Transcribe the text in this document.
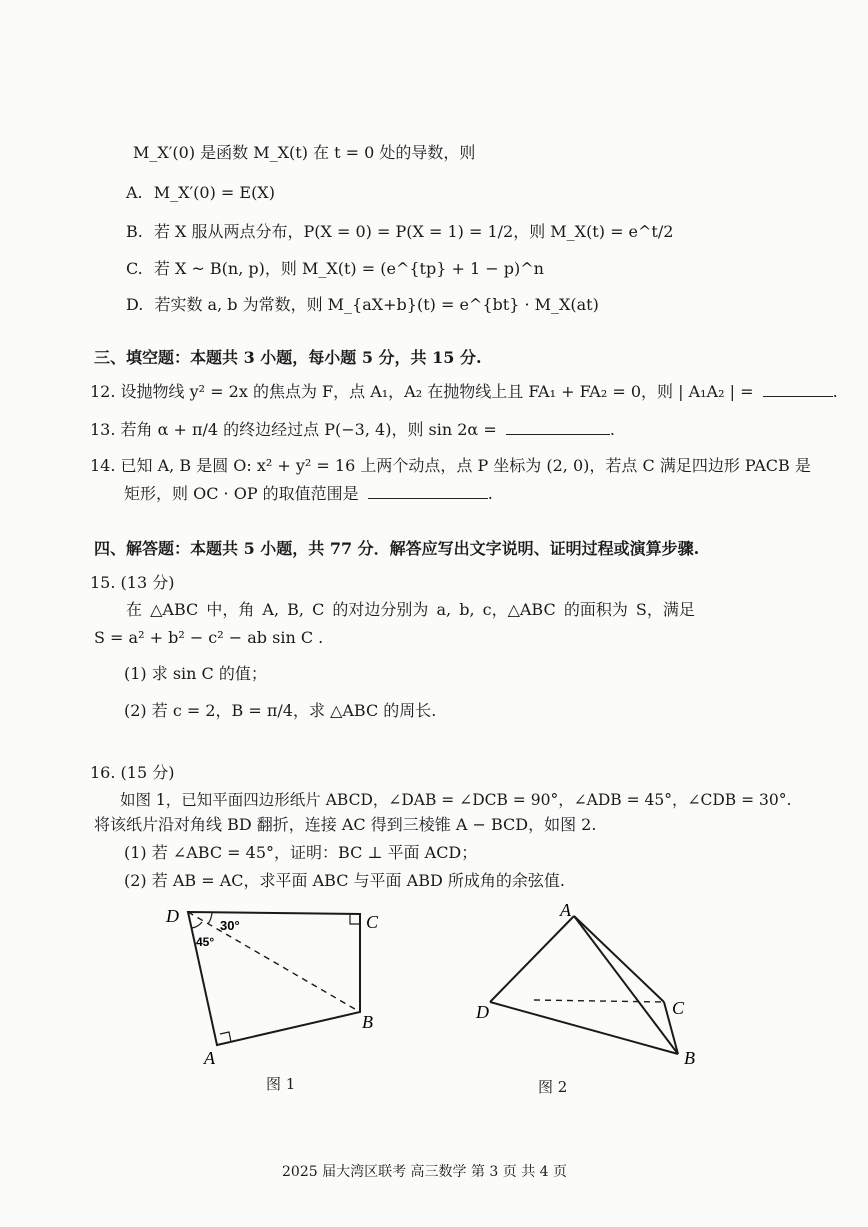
M_X′(0) 是函数 M_X(t) 在 t = 0 处的导数，则
A. M_X′(0) = E(X)
B. 若 X 服从两点分布，P(X = 0) = P(X = 1) = 1/2，则 M_X(t) = e^t/2
C. 若 X ~ B(n, p)，则 M_X(t) = (e^{tp} + 1 − p)^n
D. 若实数 a, b 为常数，则 M_{aX+b}(t) = e^{bt} · M_X(at)
三、填空题：本题共 3 小题，每小题 5 分，共 15 分.
12. 设抛物线 y² = 2x 的焦点为 F，点 A₁，A₂ 在抛物线上且 FA₁ + FA₂ = 0，则 | A₁A₂ | =	.
13. 若角 α + π/4 的终边经过点 P(−3, 4)，则 sin 2α =	.
14. 已知 A, B 是圆 O: x² + y² = 16 上两个动点，点 P 坐标为 (2, 0)，若点 C 满足四边形 PACB 是
矩形，则 OC · OP 的取值范围是	.
四、解答题：本题共 5 小题，共 77 分．解答应写出文字说明、证明过程或演算步骤.
15. (13 分)
在 △ABC 中，角 A, B, C 的对边分别为 a, b, c，△ABC 的面积为 S，满足
S = a² + b² − c² − ab sin C .
(1) 求 sin C 的值；
(2) 若 c = 2，B = π/4，求 △ABC 的周长.
16. (15 分)
如图 1，已知平面四边形纸片 ABCD，∠DAB = ∠DCB = 90°，∠ADB = 45°，∠CDB = 30°.
将该纸片沿对角线 BD 翻折，连接 AC 得到三棱锥 A − BCD，如图 2.
(1) 若 ∠ABC = 45°，证明：BC ⊥ 平面 ACD；
(2) 若 AB = AC，求平面 ABC 与平面 ABD 所成角的余弦值.
D	C
B
A
30°
45°
图 1
A
D	C
B
图 2
2025 届大湾区联考 高三数学 第 3 页 共 4 页
